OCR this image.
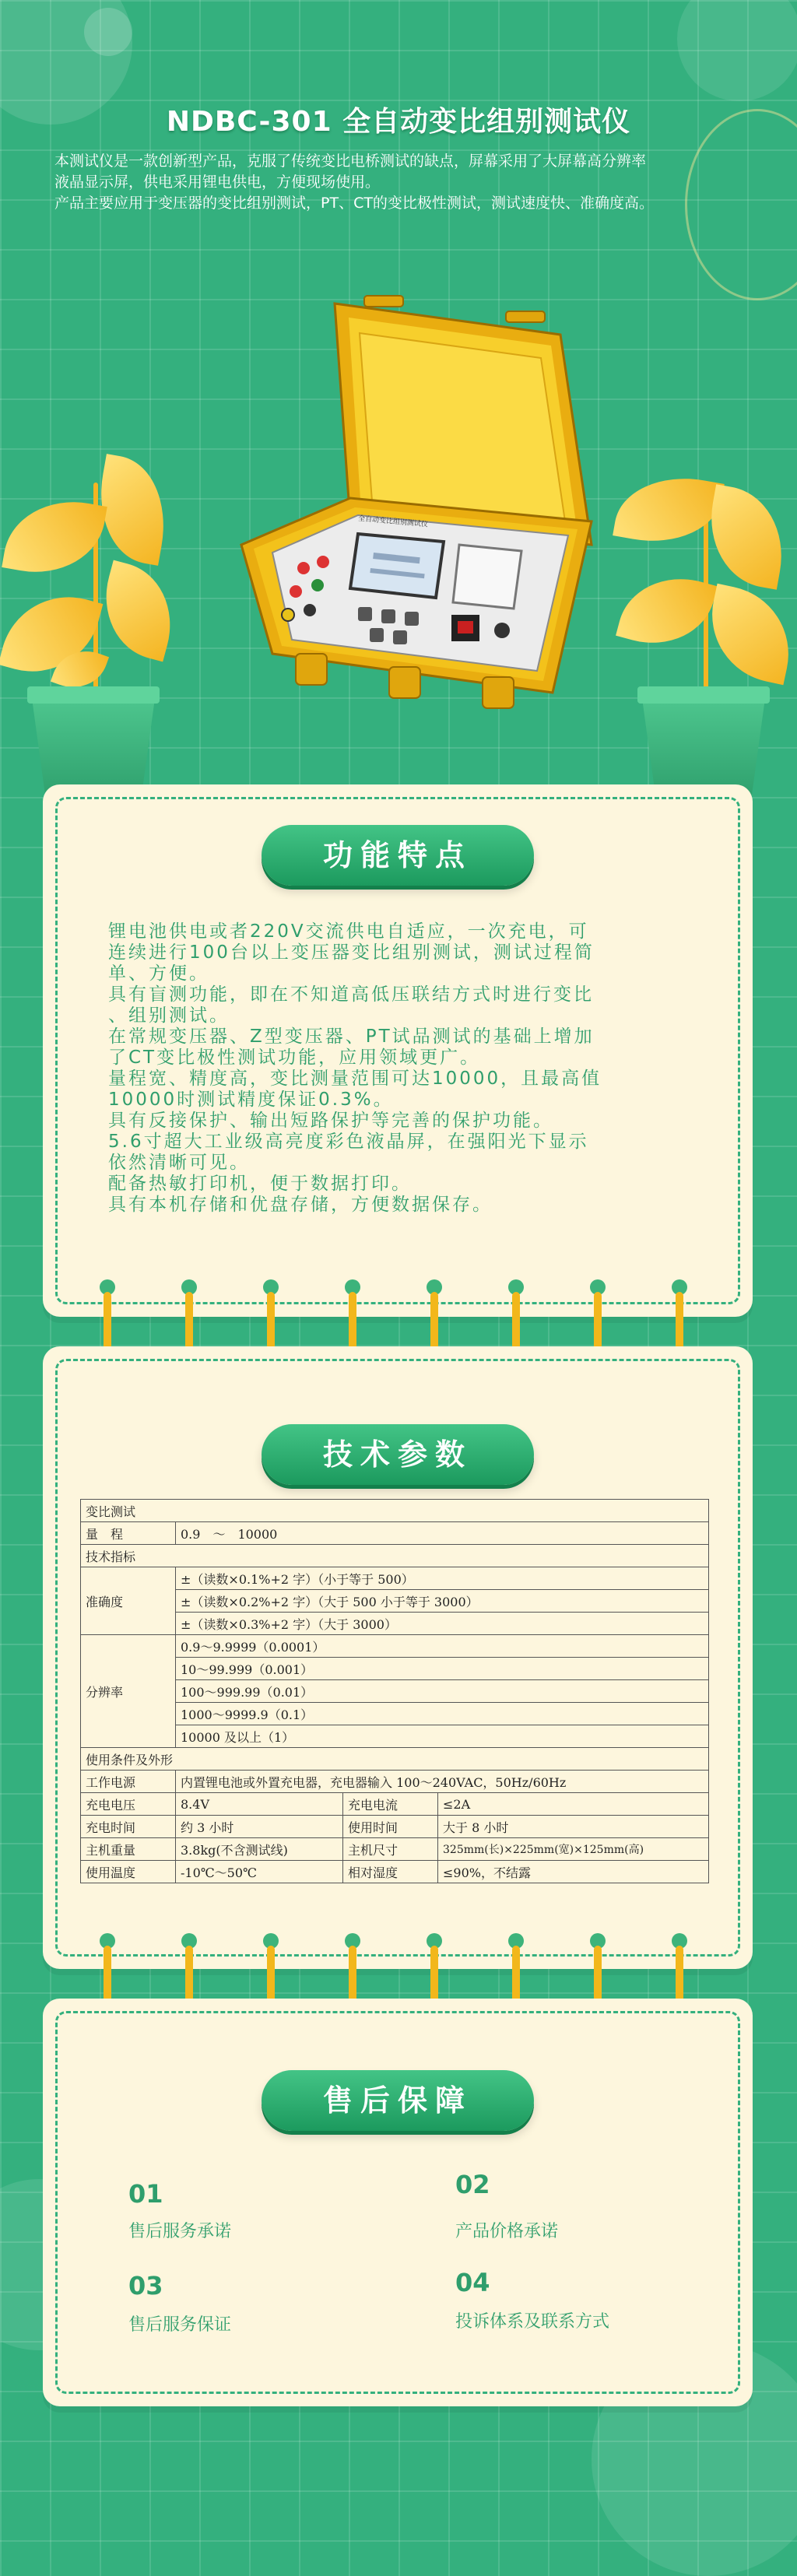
NDBC-301 全自动变比组别测试仪

本测试仪是一款创新型产品，克服了传统变比电桥测试的缺点，屏幕采用了大屏幕高分辨率

液晶显示屏，供电采用锂电供电，方便现场使用。

产品主要应用于变压器的变比组别测试，PT、CT的变比极性测试，测试速度快、准确度高。

全自动变比组别测试仪
功能特点

锂电池供电或者220V交流供电自适应，一次充电，可

连续进行100台以上变压器变比组别测试，测试过程简

单、方便。

具有盲测功能，即在不知道高低压联结方式时进行变比

、组别测试。

在常规变压器、Z型变压器、PT试品测试的基础上增加

了CT变比极性测试功能，应用领域更广。

量程宽、精度高，变比测量范围可达10000，且最高值

10000时测试精度保证0.3%。

具有反接保护、输出短路保护等完善的保护功能。

5.6寸超大工业级高亮度彩色液晶屏，在强阳光下显示

依然清晰可见。

配备热敏打印机，便于数据打印。

具有本机存储和优盘存储，方便数据保存。

技术参数
变比测试			
量　程	0.9　～　10000		
技术指标			
准确度	±（读数×0.1%+2 字）（小于等于 500）		
	±（读数×0.2%+2 字）（大于 500 小于等于 3000）		
	±（读数×0.3%+2 字）（大于 3000）		
分辨率	0.9～9.9999（0.0001）		
	10～99.999（0.001）		
	100～999.99（0.01）		
	1000～9999.9（0.1）		
	10000 及以上（1）		
使用条件及外形			
工作电源	内置锂电池或外置充电器，充电器输入 100～240VAC，50Hz/60Hz		
充电电压	8.4V	充电电流	≤2A
充电时间	约 3 小时	使用时间	大于 8 小时
主机重量	3.8kg(不含测试线)	主机尺寸	325mm(长)×225mm(宽)×125mm(高)
使用温度	-10℃～50℃	相对湿度	≤90%，不结露
售后保障
01
售后服务承诺
02
产品价格承诺
03
售后服务保证
04
投诉体系及联系方式
